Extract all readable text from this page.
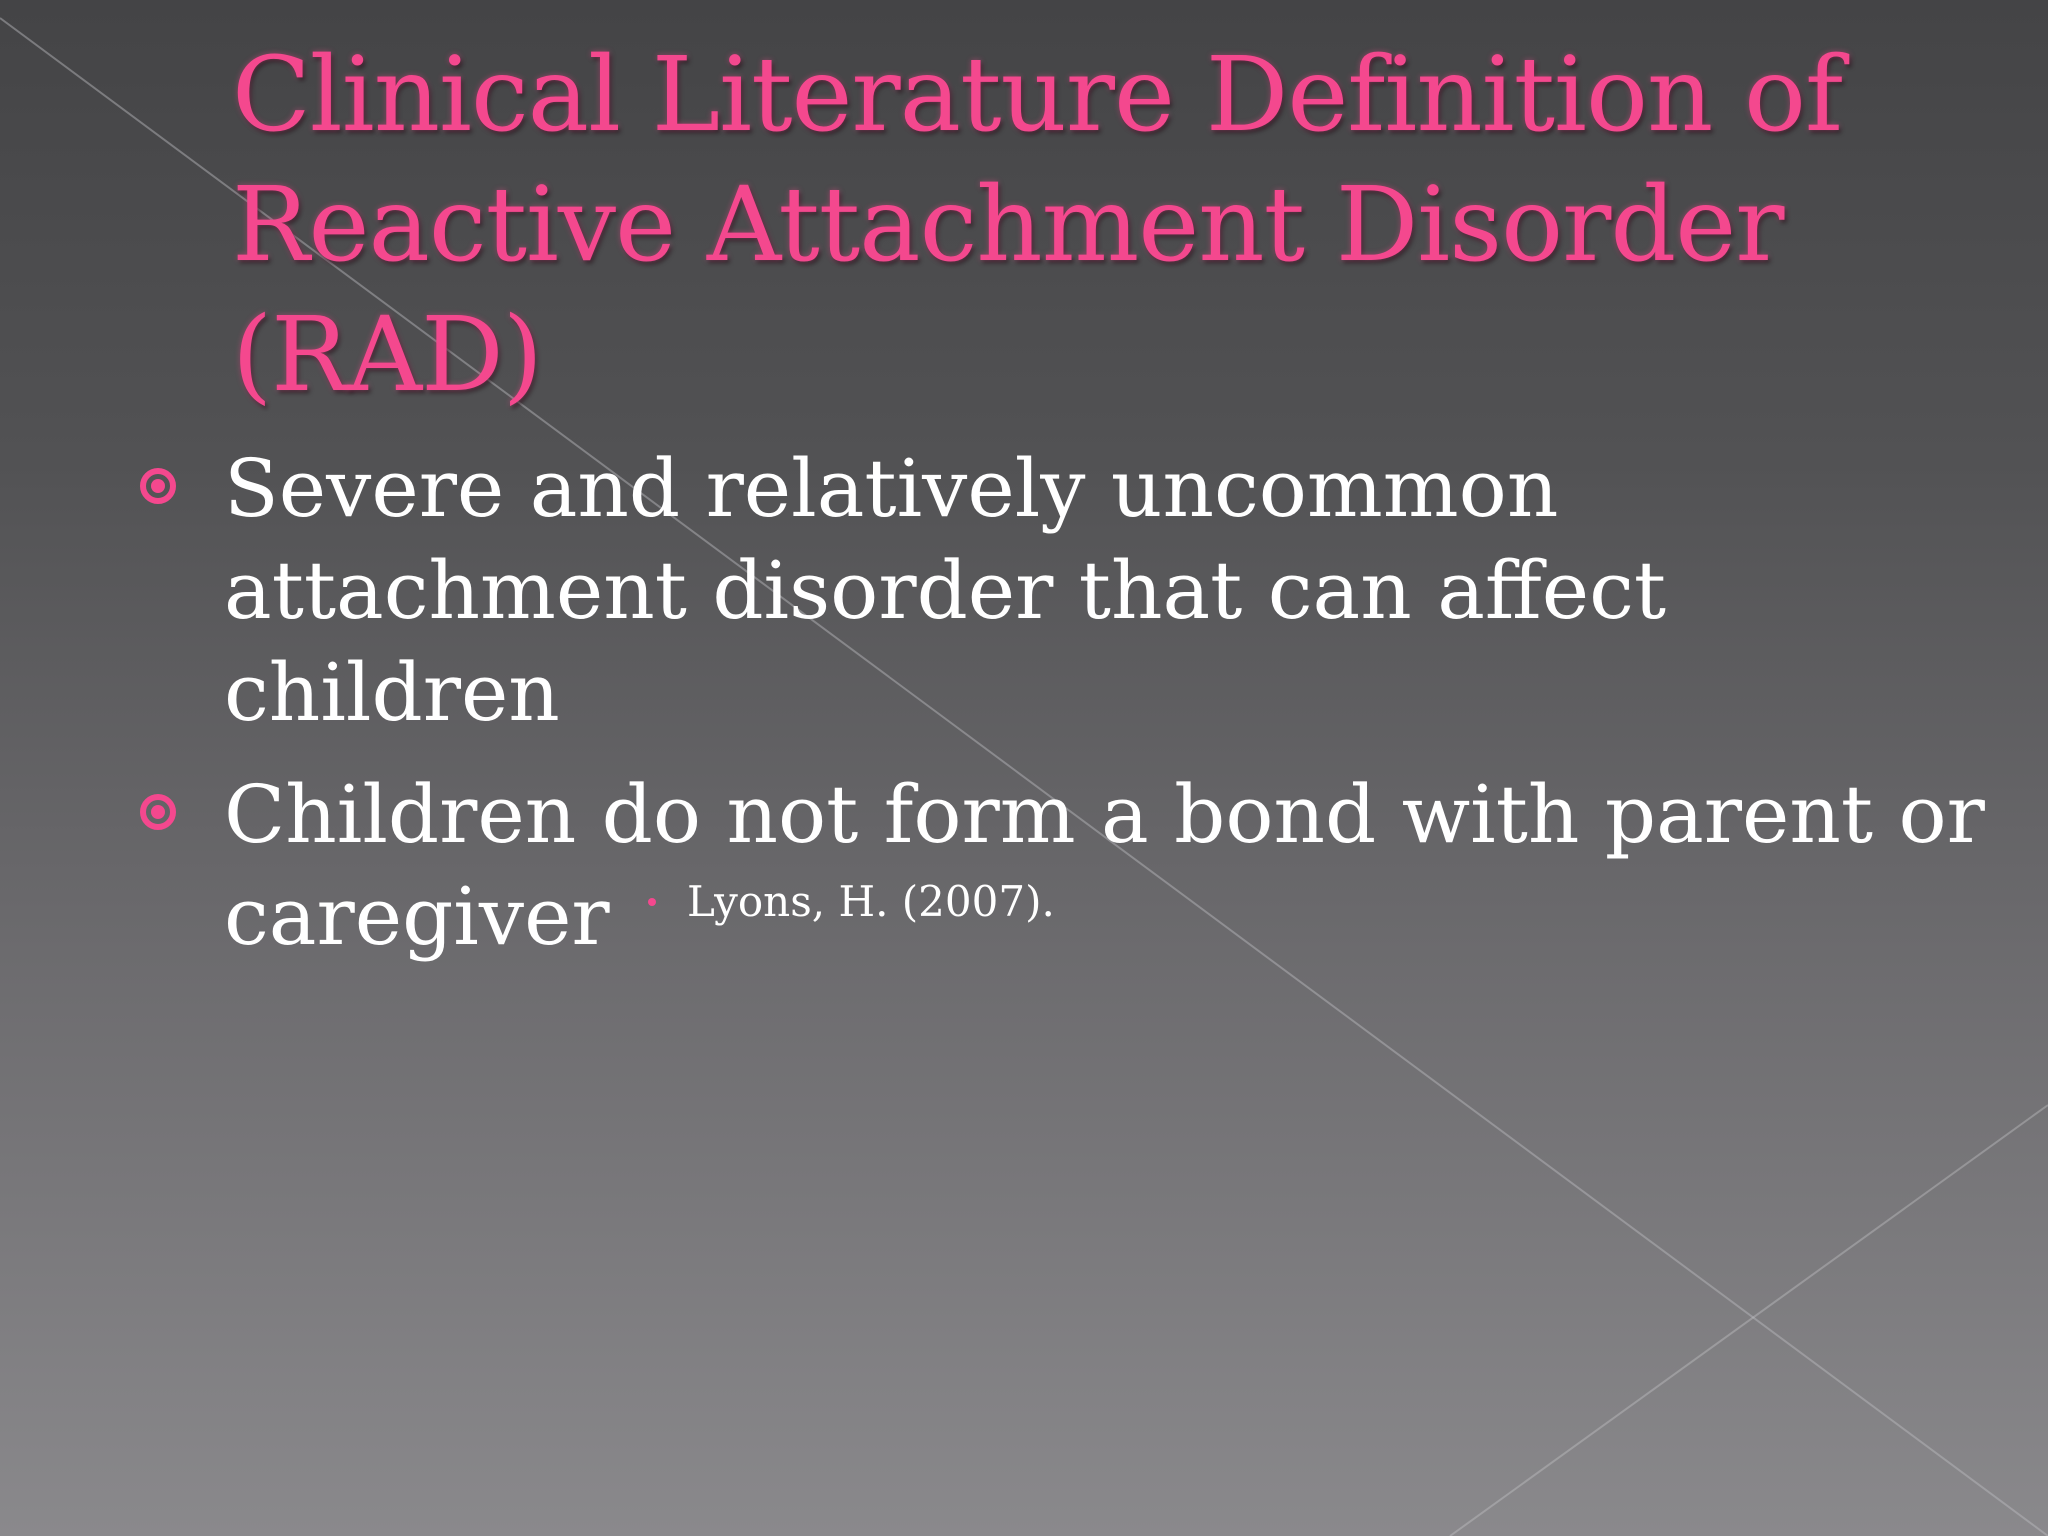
Clinical Literature Definition of Reactive Attachment Disorder (RAD)
Severe and relatively uncommon attachment disorder that can affect children
Children do not form a bond with parent or caregiver	Lyons, H. (2007).
